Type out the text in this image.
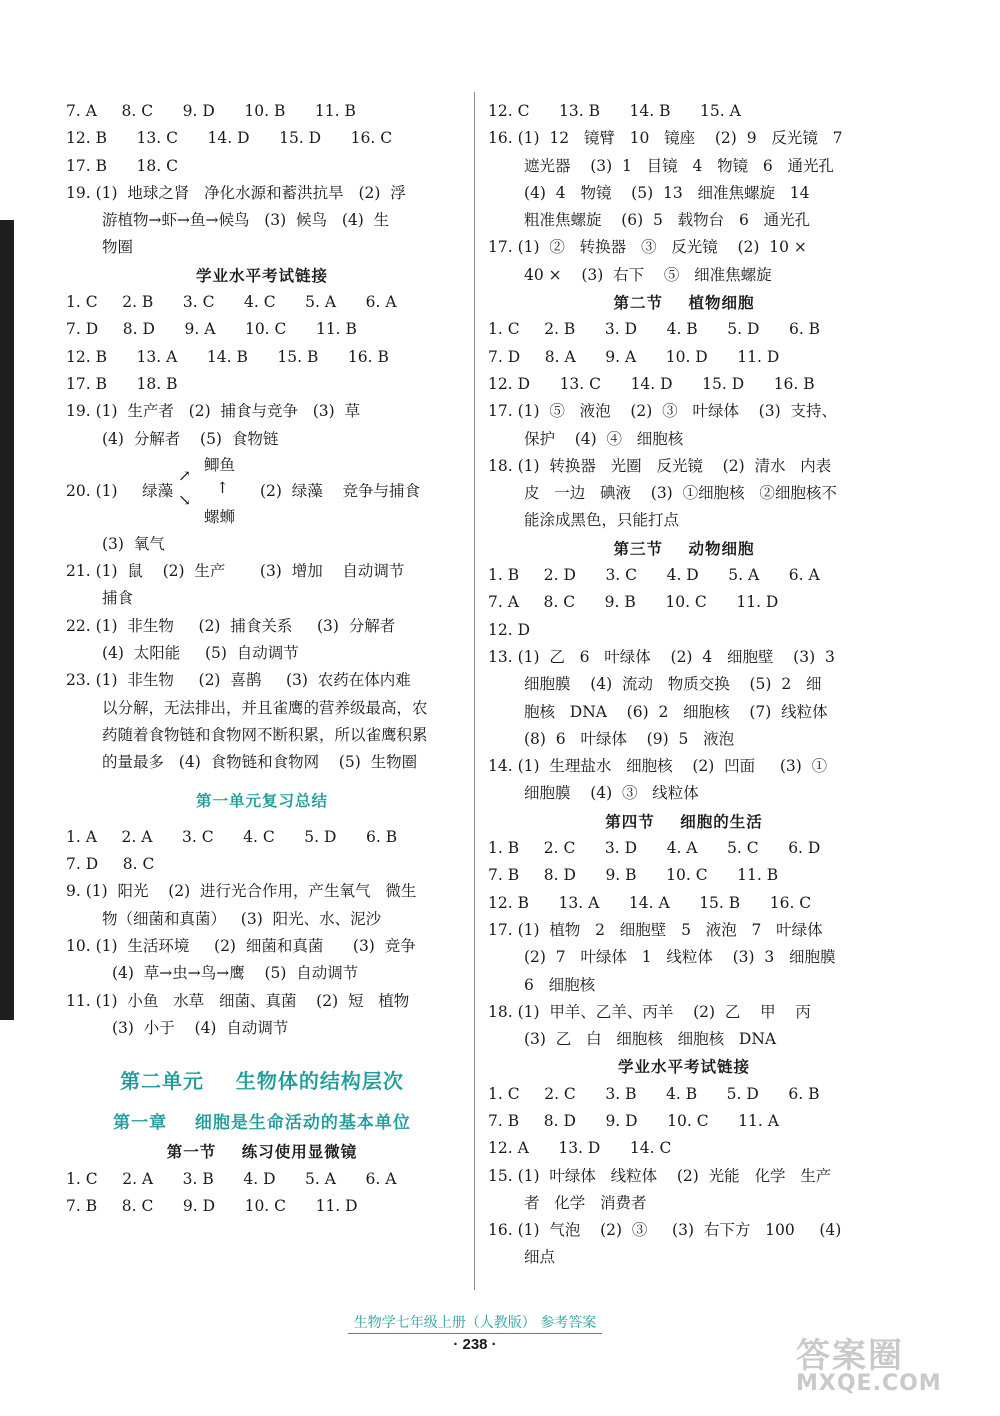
7. A     8. C      9. D      10. B      11. B
12. B      13. C      14. D      15. D      16. C
17. B      18. C
19. (1)  地球之肾   净化水源和蓄洪抗旱   (2)  浮
游植物→虾→鱼→候鸟   (3)  候鸟   (4)  生
物圈
学业水平考试链接
1. C     2. B      3. C      4. C      5. A      6. A
7. D     8. D      9. A      10. C      11. B
12. B      13. A      14. B      15. B      16. B
17. B      18. B
19. (1)  生产者   (2)  捕食与竞争   (3)  草
(4)  分解者    (5)  食物链
鲫鱼
20. (1)     绿藻
↗
↘
↑ (2)  绿藻    竞争与捕食
螺蛳
(3)  氧气
21. (1)  鼠    (2)  生产       (3)  增加    自动调节
捕食
22. (1)  非生物     (2)  捕食关系     (3)  分解者
(4)  太阳能     (5)  自动调节
23. (1)  非生物     (2)  喜鹊     (3)  农药在体内难
以分解，无法排出，并且雀鹰的营养级最高，农
药随着食物链和食物网不断积累，所以雀鹰积累
的量最多   (4)  食物链和食物网    (5)  生物圈
第一单元复习总结
1. A     2. A      3. C      4. C      5. D      6. B
7. D     8. C
9. (1)  阳光    (2)  进行光合作用，产生氧气   微生
物（细菌和真菌）   (3)  阳光、水、泥沙
10. (1)  生活环境     (2)  细菌和真菌      (3)  竞争
(4)  草→虫→鸟→鹰    (5)  自动调节
11. (1)  小鱼   水草   细菌、真菌    (2)  短   植物
(3)  小于    (4)  自动调节
第二单元    生物体的结构层次
第一章    细胞是生命活动的基本单位
第一节    练习使用显微镜
1. C     2. A      3. B      4. D      5. A      6. A
7. B     8. C      9. D      10. C      11. D
12. C      13. B      14. B      15. A
16. (1)  12   镜臂   10   镜座    (2)  9   反光镜   7
遮光器    (3)  1   目镜   4   物镜   6   通光孔
(4)  4   物镜    (5)  13   细准焦螺旋   14
粗准焦螺旋    (6)  5   载物台   6   通光孔
17. (1)  ②   转换器   ③   反光镜    (2)  10 ×
40 ×    (3)  右下    ⑤   细准焦螺旋
第二节    植物细胞
1. C     2. B      3. D      4. B      5. D      6. B
7. D     8. A      9. A      10. D      11. D
12. D      13. C      14. D      15. D      16. B
17. (1)  ⑤   液泡    (2)  ③   叶绿体    (3)  支持、
保护    (4)  ④   细胞核
18. (1)  转换器   光圈   反光镜    (2)  清水   内表
皮   一边   碘液    (3)  ①细胞核   ②细胞核不
能涂成黑色，只能打点
第三节    动物细胞
1. B     2. D      3. C      4. D      5. A      6. A
7. A     8. C      9. B      10. C      11. D
12. D
13. (1)  乙   6   叶绿体    (2)  4   细胞壁    (3)  3
细胞膜    (4)  流动   物质交换    (5)  2   细
胞核   DNA    (6)  2   细胞核    (7)  线粒体
(8)  6   叶绿体    (9)  5   液泡
14. (1)  生理盐水   细胞核    (2)  凹面     (3)  ①
细胞膜    (4)  ③   线粒体
第四节    细胞的生活
1. B     2. C      3. D      4. A      5. C      6. D
7. B     8. D      9. B      10. C      11. B
12. B      13. A      14. A      15. B      16. C
17. (1)  植物   2   细胞壁   5   液泡   7   叶绿体
(2)  7   叶绿体   1   线粒体    (3)  3   细胞膜
6   细胞核
18. (1)  甲羊、乙羊、丙羊    (2)  乙    甲    丙
(3)  乙   白   细胞核   细胞核   DNA
学业水平考试链接
1. C     2. C      3. B      4. B      5. D      6. B
7. B     8. D      9. D      10. C      11. A
12. A      13. D      14. C
15. (1)  叶绿体   线粒体    (2)  光能   化学   生产
者   化学   消费者
16. (1)  气泡    (2)  ③     (3)  右下方   100     (4)
细点
生物学七年级上册（人教版） 参考答案
· 238 ·	答案圈
MXQE.COM
